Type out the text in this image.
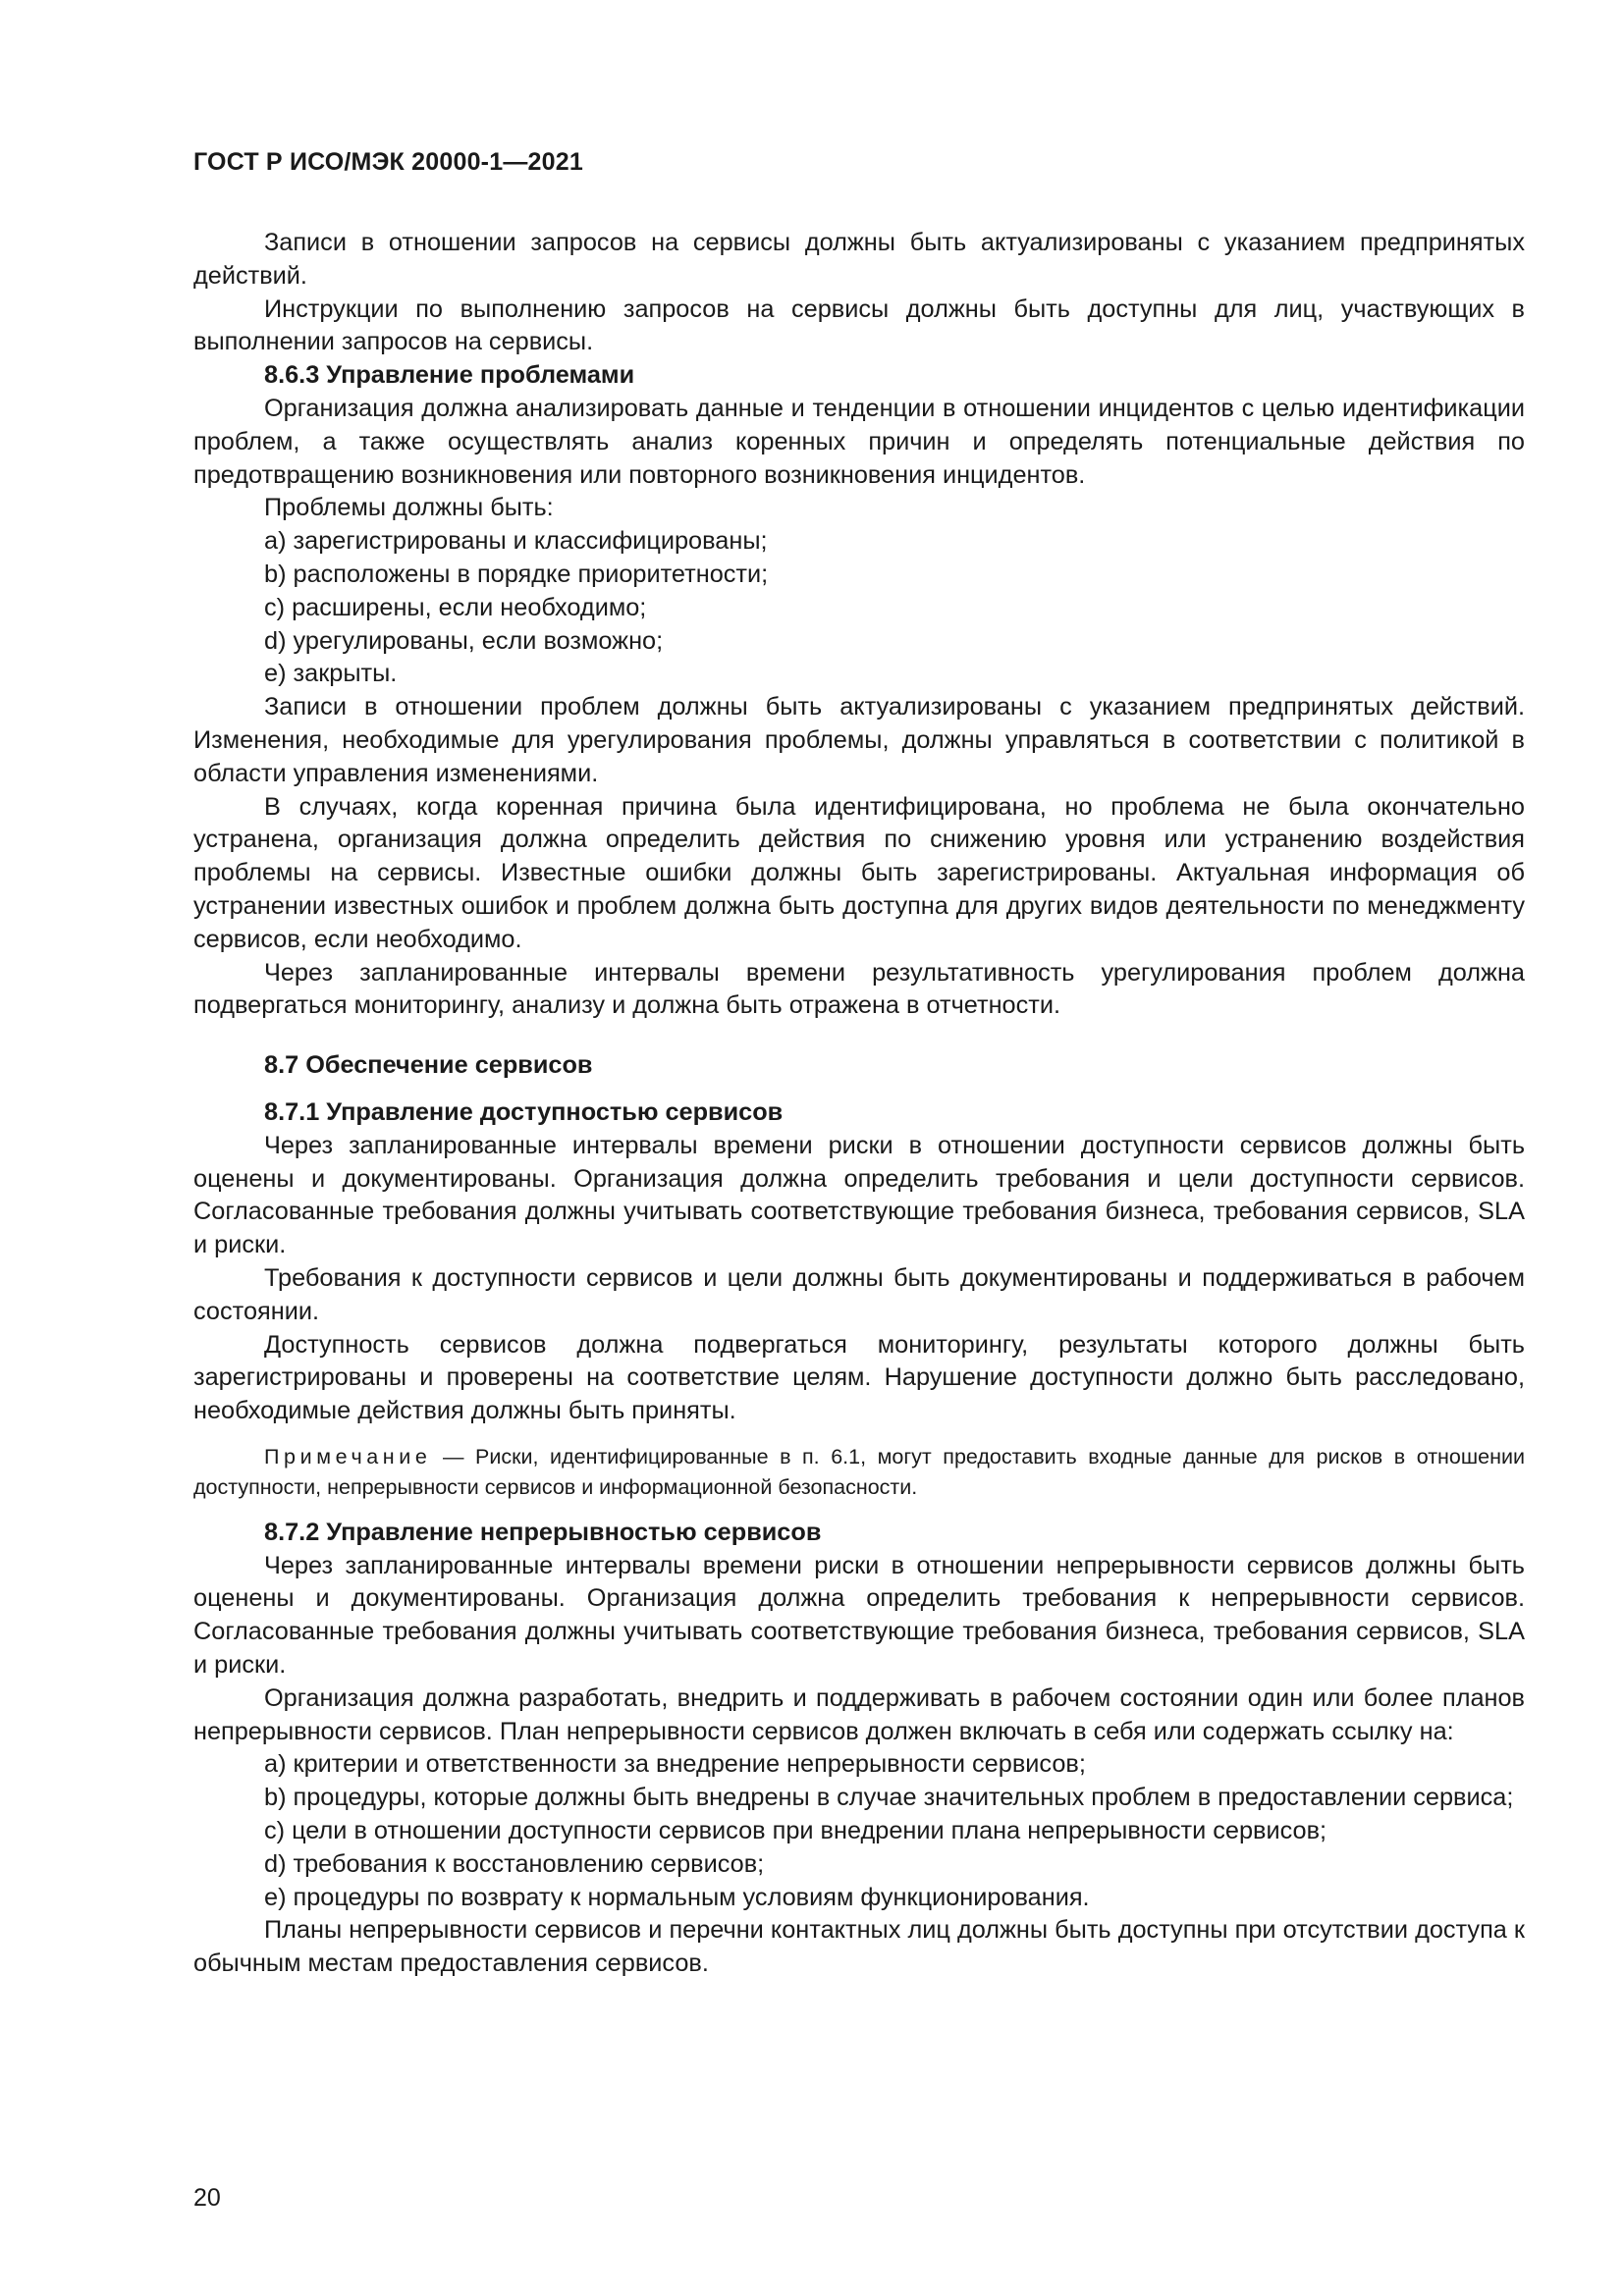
ГОСТ Р ИСО/МЭК 20000-1—2021

Записи в отношении запросов на сервисы должны быть актуализированы с указанием предпринятых действий.

Инструкции по выполнению запросов на сервисы должны быть доступны для лиц, участвующих в выполнении запросов на сервисы.

8.6.3 Управление проблемами

Организация должна анализировать данные и тенденции в отношении инцидентов с целью идентификации проблем, а также осуществлять анализ коренных причин и определять потенциальные действия по предотвращению возникновения или повторного возникновения инцидентов.

Проблемы должны быть:

a) зарегистрированы и классифицированы;
b) расположены в порядке приоритетности;
c) расширены, если необходимо;
d) урегулированы, если возможно;
e) закрыты.

Записи в отношении проблем должны быть актуализированы с указанием предпринятых действий. Изменения, необходимые для урегулирования проблемы, должны управляться в соответствии с политикой в области управления изменениями.

В случаях, когда коренная причина была идентифицирована, но проблема не была окончательно устранена, организация должна определить действия по снижению уровня или устранению воздействия проблемы на сервисы. Известные ошибки должны быть зарегистрированы. Актуальная информация об устранении известных ошибок и проблем должна быть доступна для других видов деятельности по менеджменту сервисов, если необходимо.

Через запланированные интервалы времени результативность урегулирования проблем должна подвергаться мониторингу, анализу и должна быть отражена в отчетности.

8.7 Обеспечение сервисов
8.7.1 Управление доступностью сервисов

Через запланированные интервалы времени риски в отношении доступности сервисов должны быть оценены и документированы. Организация должна определить требования и цели доступности сервисов. Согласованные требования должны учитывать соответствующие требования бизнеса, требования сервисов, SLA и риски.

Требования к доступности сервисов и цели должны быть документированы и поддерживаться в рабочем состоянии.

Доступность сервисов должна подвергаться мониторингу, результаты которого должны быть зарегистрированы и проверены на соответствие целям. Нарушение доступности должно быть расследовано, необходимые действия должны быть приняты.

Примечание — Риски, идентифицированные в п. 6.1, могут предоставить входные данные для рисков в отношении доступности, непрерывности сервисов и информационной безопасности.
8.7.2 Управление непрерывностью сервисов

Через запланированные интервалы времени риски в отношении непрерывности сервисов должны быть оценены и документированы. Организация должна определить требования к непрерывности сервисов. Согласованные требования должны учитывать соответствующие требования бизнеса, требования сервисов, SLA и риски.

Организация должна разработать, внедрить и поддерживать в рабочем состоянии один или более планов непрерывности сервисов. План непрерывности сервисов должен включать в себя или содержать ссылку на:

a) критерии и ответственности за внедрение непрерывности сервисов;
b) процедуры, которые должны быть внедрены в случае значительных проблем в предоставлении сервиса;
c) цели в отношении доступности сервисов при внедрении плана непрерывности сервисов;
d) требования к восстановлению сервисов;
e) процедуры по возврату к нормальным условиям функционирования.

Планы непрерывности сервисов и перечни контактных лиц должны быть доступны при отсутствии доступа к обычным местам предоставления сервисов.

20
